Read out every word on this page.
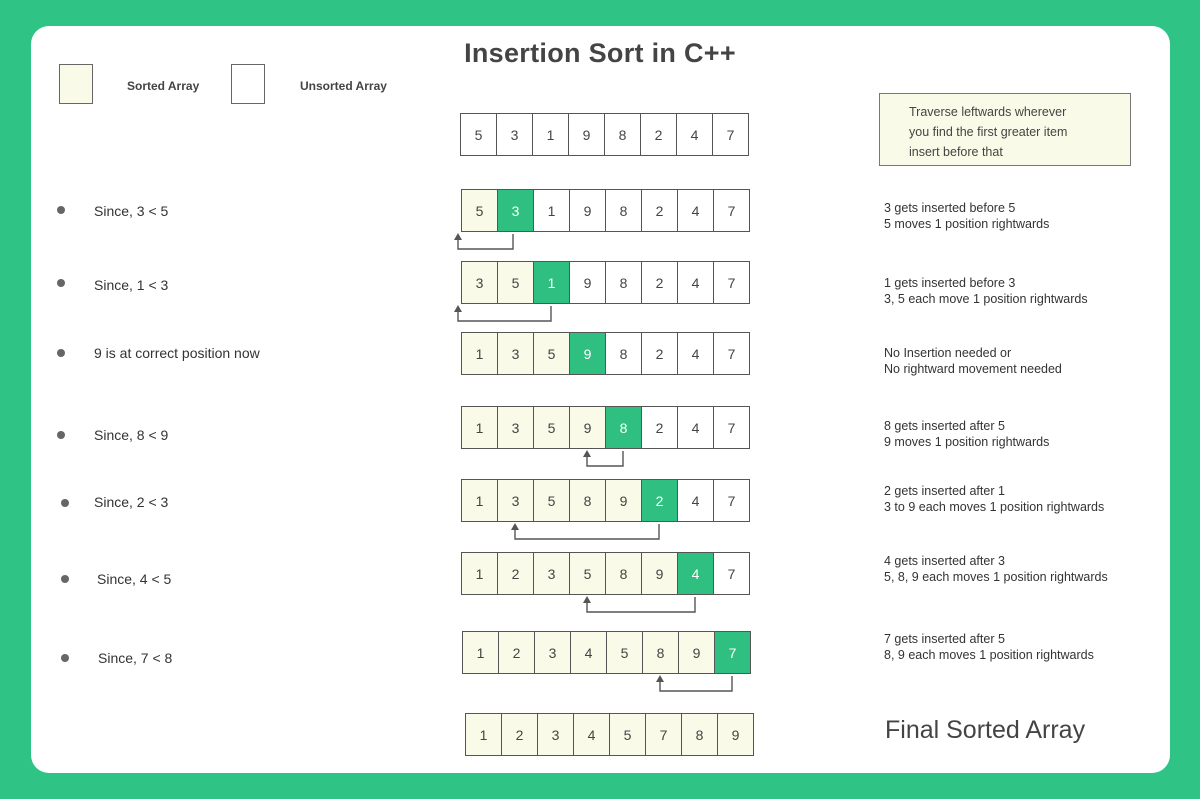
Insertion Sort in C++
Sorted Array	Unsorted Array
Traverse leftwards wherever
you find the first greater item
insert before that
5	3	1	9	8	2	4	7
5	3	1	9	8	2	4	7
Since, 3 < 5	3 gets inserted before 5
5 moves 1 position rightwards
3	5	1	9	8	2	4	7
Since, 1 < 3	1 gets inserted before 3
3, 5 each move 1 position rightwards
1	3	5	9	8	2	4	7
9 is at correct position now	No Insertion needed or
No rightward movement needed
1	3	5	9	8	2	4	7
Since, 8 < 9
8 gets inserted after 5
9 moves 1 position rightwards
1	3	5	8	9	2	4	7
Since, 2 < 3
2 gets inserted after 1
3 to 9 each moves 1 position rightwards
1	2	3	5	8	9	4	7
Since, 4 < 5
4 gets inserted after 3
5, 8, 9 each moves 1 position rightwards
1	2	3	4	5	8	9	7
Since, 7 < 8
7 gets inserted after 5
8, 9 each moves 1 position rightwards
1	2	3	4	5	7	8	9	Final Sorted Array
